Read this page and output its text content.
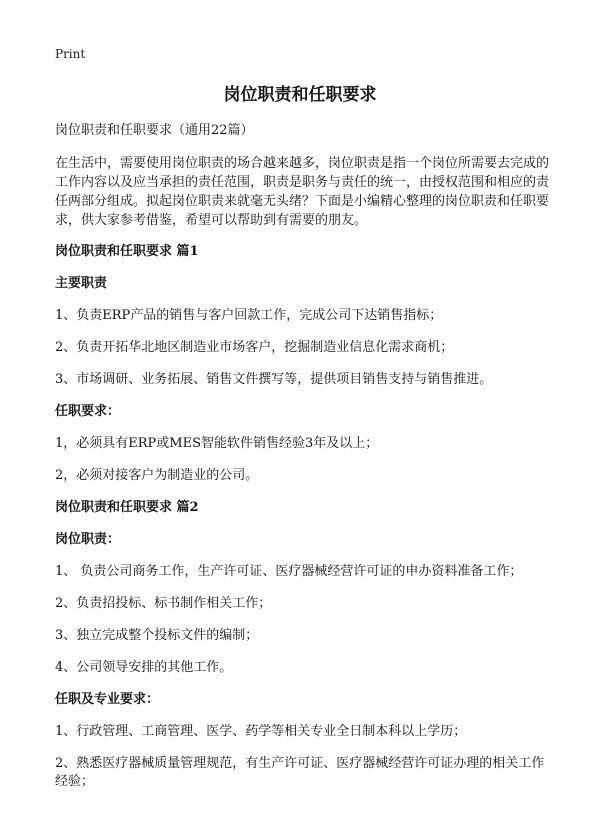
Print
岗位职责和任职要求
岗位职责和任职要求（通用22篇）
在生活中，需要使用岗位职责的场合越来越多，岗位职责是指一个岗位所需要去完成的工作内容以及应当承担的责任范围，职责是职务与责任的统一，由授权范围和相应的责任两部分组成。拟起岗位职责来就毫无头绪？下面是小编精心整理的岗位职责和任职要求，供大家参考借鉴，希望可以帮助到有需要的朋友。
岗位职责和任职要求 篇1
主要职责
1、负责ERP产品的销售与客户回款工作，完成公司下达销售指标；
2、负责开拓华北地区制造业市场客户，挖掘制造业信息化需求商机；
3、市场调研、业务拓展、销售文件撰写等，提供项目销售支持与销售推进。
任职要求：
1，必须具有ERP或MES智能软件销售经验3年及以上；
2，必须对接客户为制造业的公司。
岗位职责和任职要求 篇2
岗位职责：
1、 负责公司商务工作，生产许可证、医疗器械经营许可证的申办资料准备工作；
2、负责招投标、标书制作相关工作；
3、独立完成整个投标文件的编制；
4、公司领导安排的其他工作。
任职及专业要求：
1、行政管理、工商管理、医学、药学等相关专业全日制本科以上学历；
2、熟悉医疗器械质量管理规范，有生产许可证、医疗器械经营许可证办理的相关工作经验；
